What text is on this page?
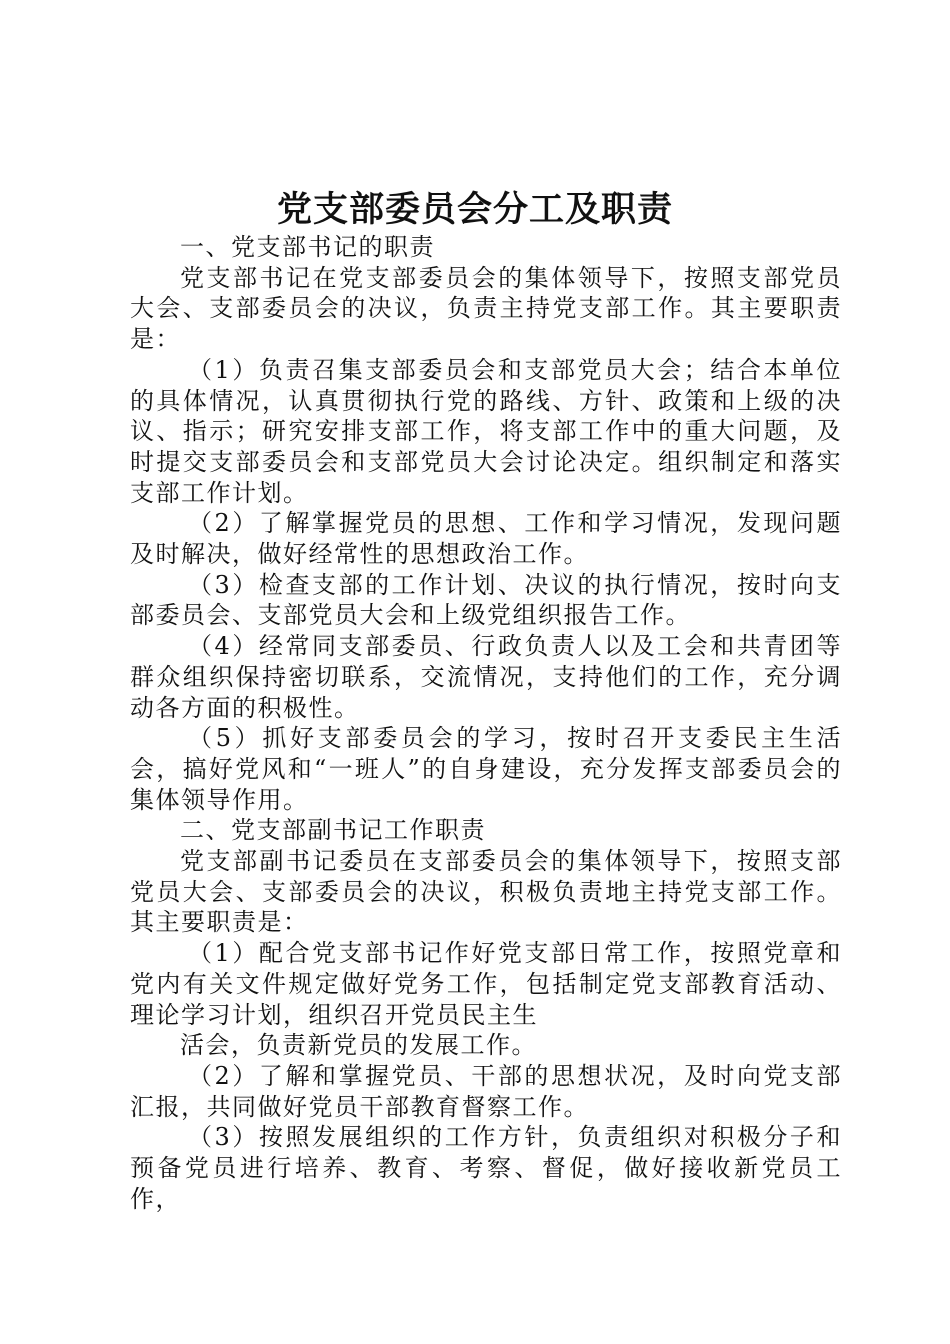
党支部委员会分工及职责

一、党支部书记的职责

党支部书记在党支部委员会的集体领导下，按照支部党员大会、支部委员会的决议，负责主持党支部工作。其主要职责是：

（1）负责召集支部委员会和支部党员大会；结合本单位的具体情况，认真贯彻执行党的路线、方针、政策和上级的决议、指示；研究安排支部工作，将支部工作中的重大问题，及时提交支部委员会和支部党员大会讨论决定。组织制定和落实支部工作计划。

（2）了解掌握党员的思想、工作和学习情况，发现问题及时解决，做好经常性的思想政治工作。

（3）检查支部的工作计划、决议的执行情况，按时向支部委员会、支部党员大会和上级党组织报告工作。

（4）经常同支部委员、行政负责人以及工会和共青团等群众组织保持密切联系，交流情况，支持他们的工作，充分调动各方面的积极性。

（5）抓好支部委员会的学习，按时召开支委民主生活会，搞好党风和“一班人”的自身建设，充分发挥支部委员会的集体领导作用。

二、党支部副书记工作职责

党支部副书记委员在支部委员会的集体领导下，按照支部党员大会、支部委员会的决议，积极负责地主持党支部工作。其主要职责是：

（1）配合党支部书记作好党支部日常工作，按照党章和党内有关文件规定做好党务工作，包括制定党支部教育活动、理论学习计划，组织召开党员民主生

活会，负责新党员的发展工作。

（2）了解和掌握党员、干部的思想状况，及时向党支部汇报，共同做好党员干部教育督察工作。

（3）按照发展组织的工作方针，负责组织对积极分子和预备党员进行培养、教育、考察、督促，做好接收新党员工作，
